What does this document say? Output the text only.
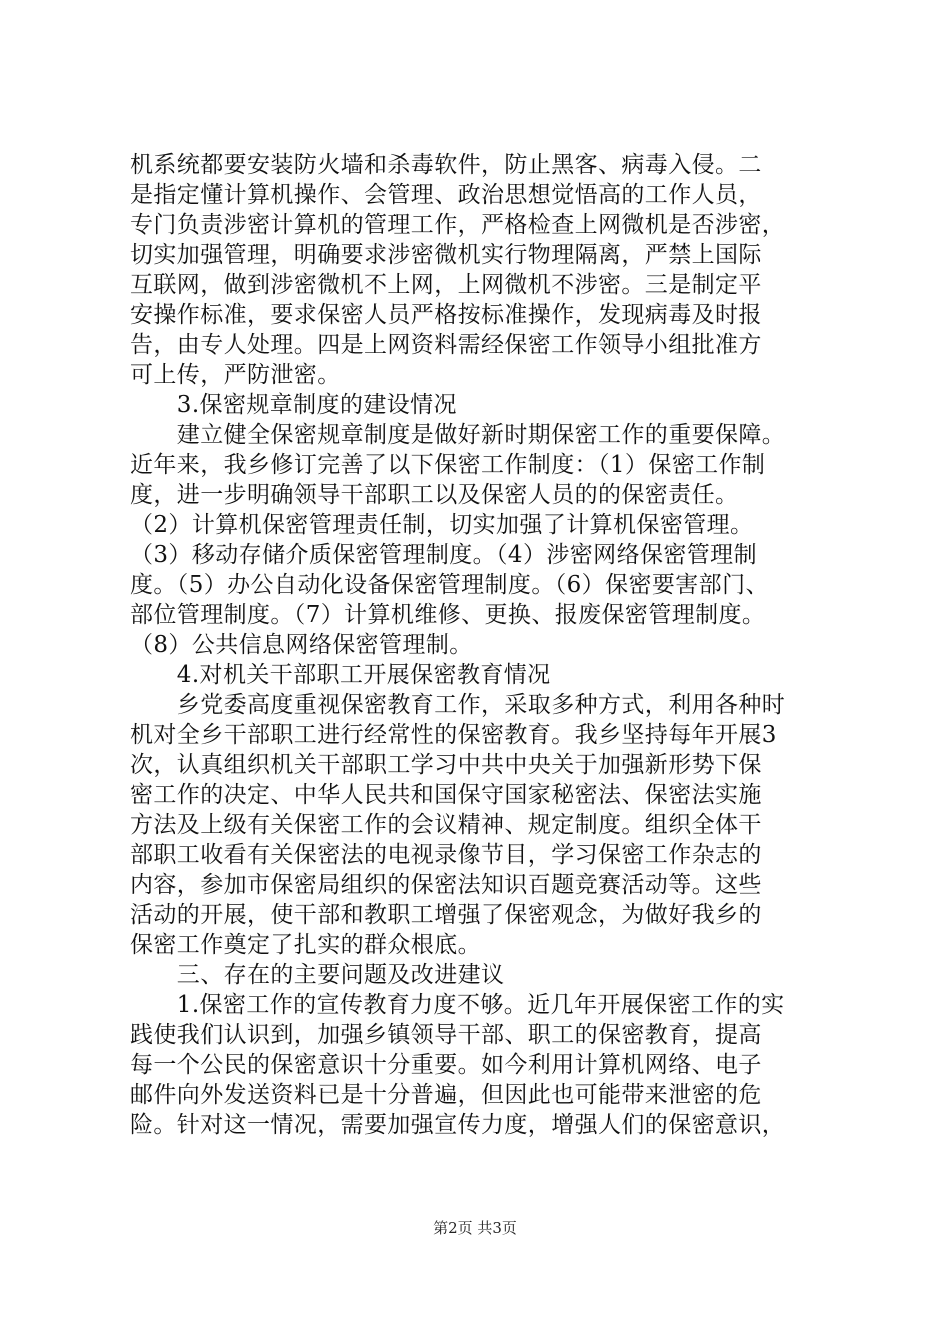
机系统都要安装防火墙和杀毒软件，防止黑客、病毒入侵。二
是指定懂计算机操作、会管理、政治思想觉悟高的工作人员，
专门负责涉密计算机的管理工作，严格检查上网微机是否涉密，
切实加强管理，明确要求涉密微机实行物理隔离，严禁上国际
互联网，做到涉密微机不上网，上网微机不涉密。三是制定平
安操作标准，要求保密人员严格按标准操作，发现病毒及时报
告，由专人处理。四是上网资料需经保密工作领导小组批准方
可上传，严防泄密。
　　3.保密规章制度的建设情况
　　建立健全保密规章制度是做好新时期保密工作的重要保障。
近年来，我乡修订完善了以下保密工作制度：（1）保密工作制
度，进一步明确领导干部职工以及保密人员的的保密责任。
（2）计算机保密管理责任制，切实加强了计算机保密管理。
（3）移动存储介质保密管理制度。（4）涉密网络保密管理制
度。（5）办公自动化设备保密管理制度。（6）保密要害部门、
部位管理制度。（7）计算机维修、更换、报废保密管理制度。
（8）公共信息网络保密管理制。
　　4.对机关干部职工开展保密教育情况
　　乡党委高度重视保密教育工作，采取多种方式，利用各种时
机对全乡干部职工进行经常性的保密教育。我乡坚持每年开展3
次，认真组织机关干部职工学习中共中央关于加强新形势下保
密工作的决定、中华人民共和国保守国家秘密法、保密法实施
方法及上级有关保密工作的会议精神、规定制度。组织全体干
部职工收看有关保密法的电视录像节目，学习保密工作杂志的
内容，参加市保密局组织的保密法知识百题竞赛活动等。这些
活动的开展，使干部和教职工增强了保密观念，为做好我乡的
保密工作奠定了扎实的群众根底。
　　三、存在的主要问题及改进建议
　　1.保密工作的宣传教育力度不够。近几年开展保密工作的实
践使我们认识到，加强乡镇领导干部、职工的保密教育，提高
每一个公民的保密意识十分重要。如今利用计算机网络、电子
邮件向外发送资料已是十分普遍，但因此也可能带来泄密的危
险。针对这一情况，需要加强宣传力度，增强人们的保密意识，
第2页 共3页
